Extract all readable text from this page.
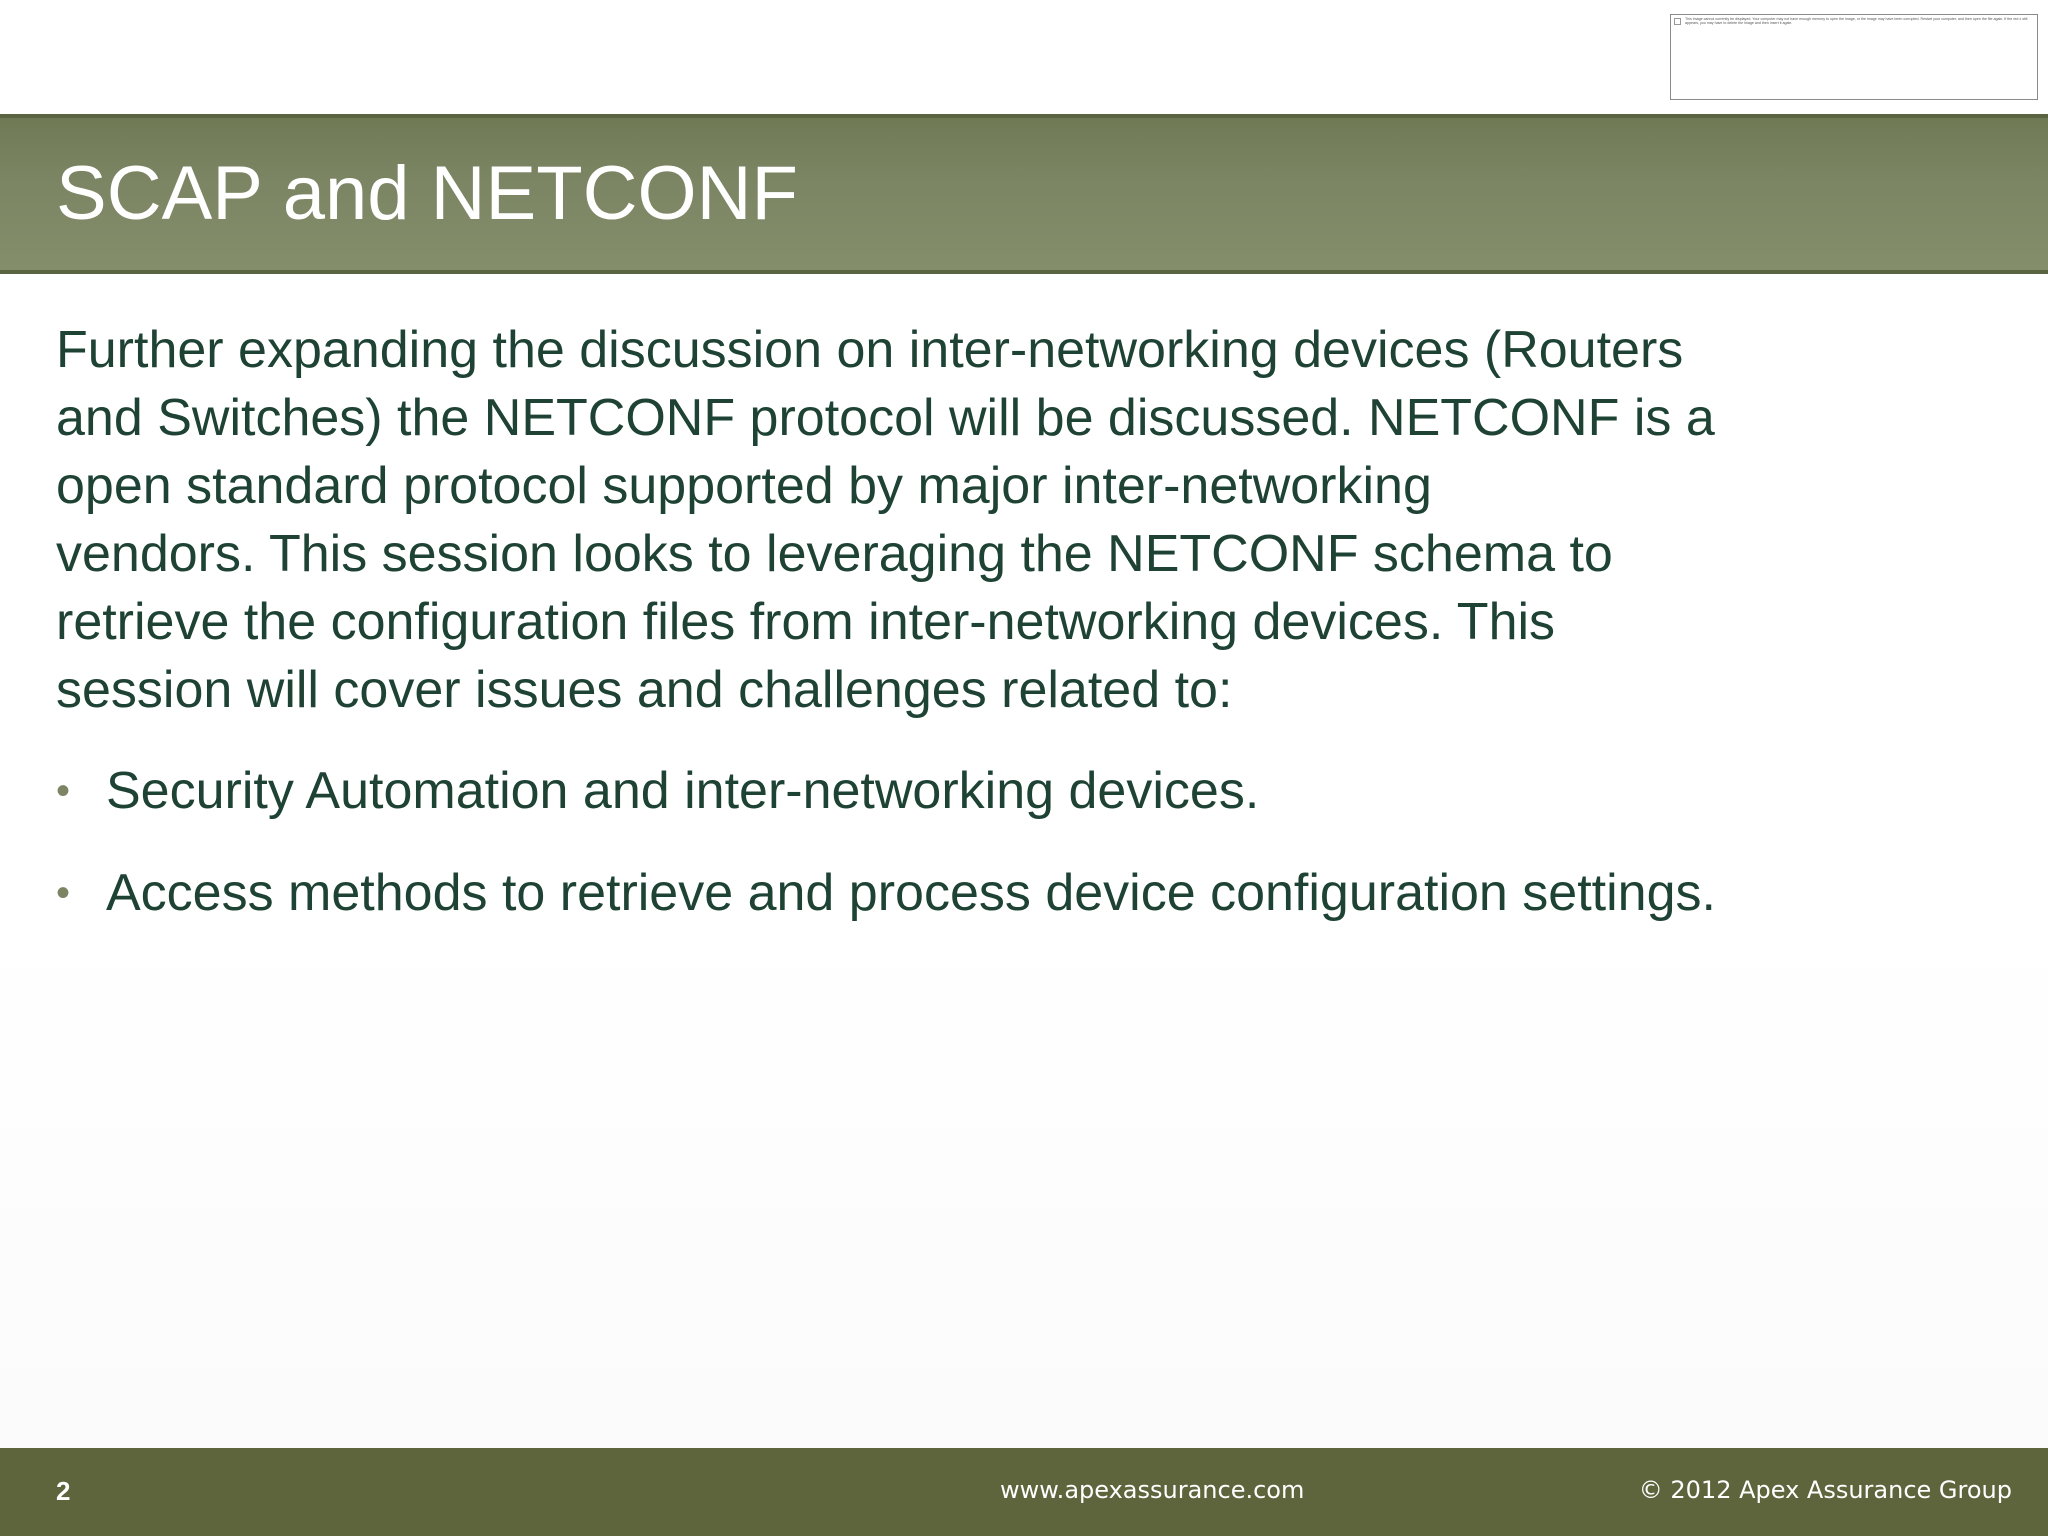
This image cannot currently be displayed. Your computer may not have enough memory to open the image, or the image may have been corrupted. Restart your computer, and then open the file again. If the red x still appears, you may have to delete the image and then insert it again.
SCAP and NETCONF

Further expanding the discussion on inter-networking devices (Routers
and Switches) the NETCONF protocol will be discussed. NETCONF is a
open standard protocol supported by major inter-networking
vendors. This session looks to leveraging the NETCONF schema to
retrieve the configuration files from inter-networking devices. This
session will cover issues and challenges related to:

• Security Automation and inter-networking devices.
• Access methods to retrieve and process device configuration settings.
2	www.apexassurance.com	© 2012 Apex Assurance Group
